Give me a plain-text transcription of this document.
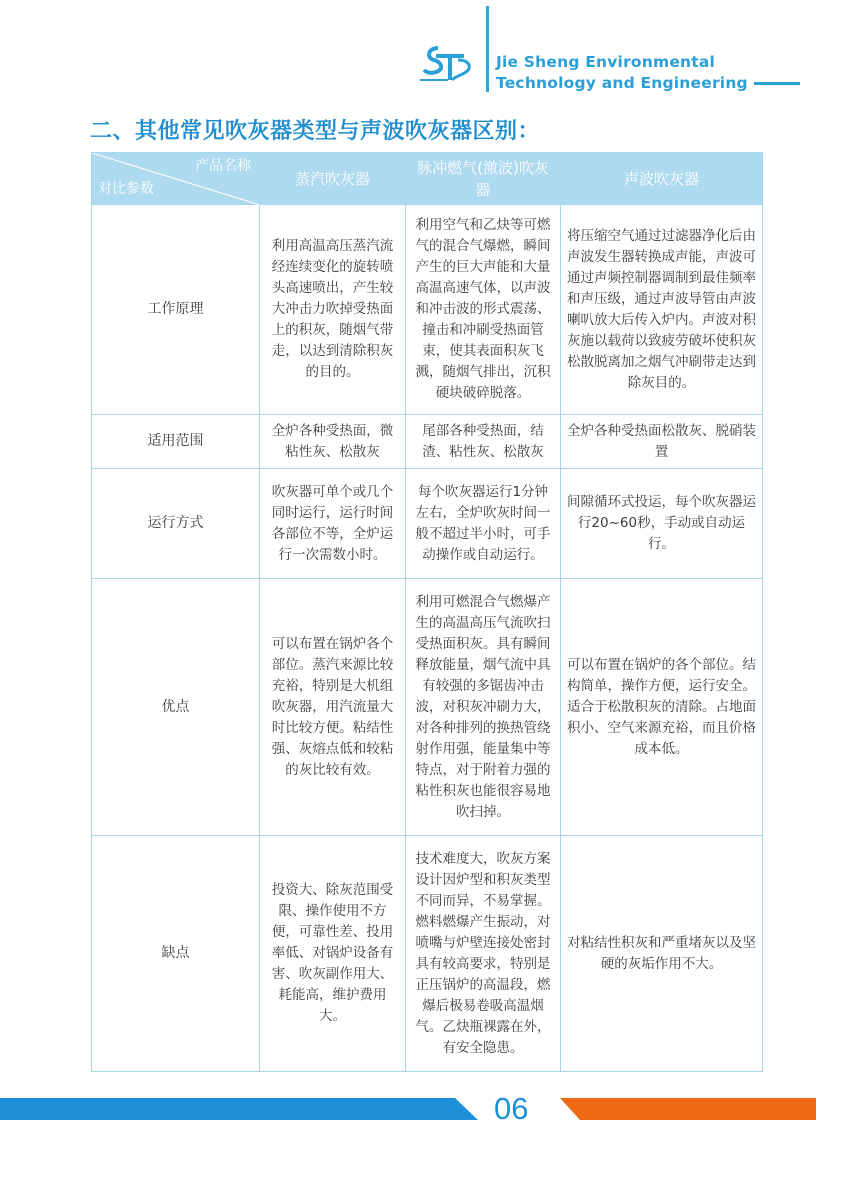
Jie Sheng Environmental
Technology and Engineering
二、其他常见吹灰器类型与声波吹灰器区别：
产品名称
对比参数	蒸汽吹灰器	脉冲燃气(激波)吹灰器	声波吹灰器
工作原理	利用高温高压蒸汽流经连续变化的旋转喷头高速喷出，产生较大冲击力吹掉受热面上的积灰，随烟气带走，以达到清除积灰的目的。	利用空气和乙炔等可燃气的混合气爆燃，瞬间产生的巨大声能和大量高温高速气体，以声波和冲击波的形式震荡、撞击和冲刷受热面管束，使其表面积灰飞溅，随烟气排出，沉积硬块破碎脱落。	将压缩空气通过过滤器净化后由声波发生器转换成声能，声波可通过声频控制器调制到最佳频率和声压级，通过声波导管由声波喇叭放大后传入炉内。声波对积灰施以载荷以致疲劳破坏使积灰松散脱离加之烟气冲刷带走达到除灰目的。
适用范围	全炉各种受热面，微粘性灰、松散灰	尾部各种受热面，结渣、粘性灰、松散灰	全炉各种受热面松散灰、脱硝装置
运行方式	吹灰器可单个或几个同时运行，运行时间各部位不等，全炉运行一次需数小时。	每个吹灰器运行1分钟左右，全炉吹灰时间一般不超过半小时，可手动操作或自动运行。	间隙循环式投运，每个吹灰器运行20~60秒，手动或自动运行。
优点	可以布置在锅炉各个部位。蒸汽来源比较充裕，特别是大机组吹灰器，用汽流量大时比较方便。粘结性强、灰熔点低和较粘的灰比较有效。	利用可燃混合气燃爆产生的高温高压气流吹扫受热面积灰。具有瞬间释放能量，烟气流中具有较强的多锯齿冲击波，对积灰冲刷力大，对各种排列的换热管绕射作用强，能量集中等特点，对于附着力强的粘性积灰也能很容易地吹扫掉。	可以布置在锅炉的各个部位。结构简单，操作方便，运行安全。适合于松散积灰的清除。占地面积小、空气来源充裕，而且价格成本低。
缺点	投资大、除灰范围受限、操作使用不方便，可靠性差、投用率低、对锅炉设备有害、吹灰副作用大、耗能高，维护费用大。	技术难度大，吹灰方案设计因炉型和积灰类型不同而异，不易掌握。燃料燃爆产生振动，对喷嘴与炉壁连接处密封具有较高要求，特别是正压锅炉的高温段，燃爆后极易卷吸高温烟气。乙炔瓶裸露在外，有安全隐患。	对粘结性积灰和严重堵灰以及坚硬的灰垢作用不大。
06
